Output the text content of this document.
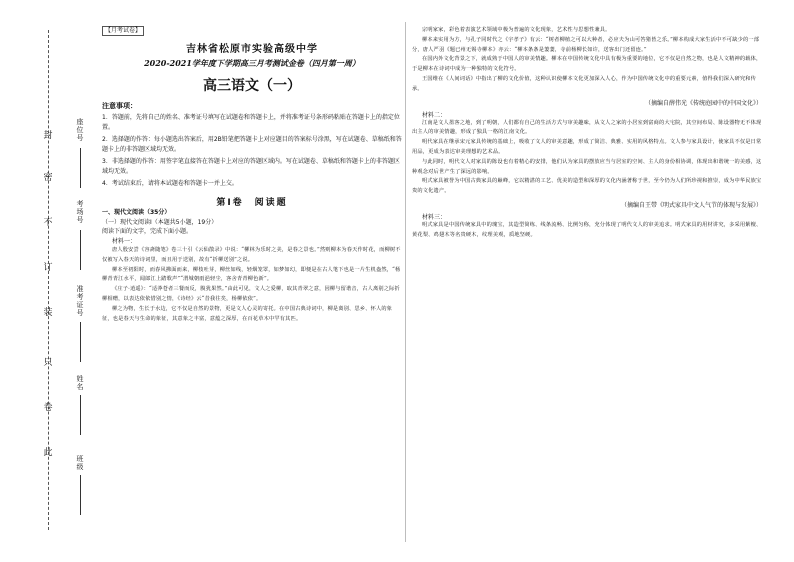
封
密
不
订
装
只
卷
此
座位号
考场号
准考证号
姓名
班级
【月考试卷】
吉林省松原市实验高级中学
2020-2021学年度下学期高三月考测试金卷（四月第一周）
高三语文（一）
注意事项：
1．答题前，先将自己的姓名、准考证号填写在试题卷和答题卡上，并将准考证号条形码粘贴在答题卡上的指定位置。
2．选择题的作答：每小题选出答案后，用2B铅笔把答题卡上对应题目的答案标号涂黑，写在试题卷、草稿纸和答题卡上的非答题区域均无效。
3．非选择题的作答：用签字笔直接答在答题卡上对应的答题区域内。写在试题卷、草稿纸和答题卡上的非答题区域均无效。
4．考试结束后，请将本试题卷和答题卡一并上交。
第Ⅰ卷　阅读题
一、现代文阅读（35分）
（一）现代文阅读Ⅰ（本题共5小题，19分）
阅读下面的文字，完成下面小题。
材料一：
唐人殷安尝《容斋随笔》卷三十引《云仙散录》中说：“柳林为乐时之美，是春之景也。”然则柳本为春天作时花，而柳树不仅被写入春天的诗词里，而且用于送别，故有“折柳送别”之说。
柳本至初阳时，而春风拂面而来，柳枝吐芽，柳丝如线，轻烟笼罩，如梦如幻，即便是在古人笔下也是一片生机盎然，“杨柳青青江水平，闻郎江上踏歌声”“渭城朝雨浥轻尘，客舍青青柳色新”。
《庄子·逍遥》：“适莽苍者三餐而反，腹犹果然。”由此可见，文人之爱柳，取其青翠之意，因柳与留谐音，古人离别之际折柳相赠，以表达依依惜别之情，《诗经》云“昔我往矣，杨柳依依”。
柳之为物，生长于水边，它不仅是自然的景物，更是文人心灵的寄托。在中国古典诗词中，柳是离别、思乡、怀人的象征，也是春天与生命的象征，其意象之丰富，意蕴之深厚，在百花草木中罕有其匹。
宗明家家，彩色着表演艺术领域中极为普遍的文化现象，艺术性与思想性兼具。
柳本来实用为方，与孔子同时代之《宇孝子》有云：“树者柳植之可以大种者，必应夫为山可答猪皆之乐。”柳本构成大家生活中不可缺少的一部分，唐人严羽《题已州无锡寺柳本》亦云：“柳本条条是萋萋，寺前杨柳长如许，送客出门还留连。”
在国内外文化背景之下，就成熟于中国人的审美情趣。柳本在中国传统文化中具有极为重要的地位，它不仅是自然之物，也是人文精神的载体，于是柳本在诗词中成为一种独特的文化符号。
王国维在《人间词话》中指出了柳的文化价值，这种认识使柳本文化更加深入人心，作为中国传统文化中的重要元素，值得我们深入研究和传承。
（摘编自薛伟光《传统庭园中的中国文化》）
材料二：
江南是文人墨客之地，到了明朝，人们都有自己的生活方式与审美趣味，从文人之家的小居室到富商的大宅院，其空间布局、陈设器物无不体现出主人的审美情趣，形成了独具一格的江南文化。
明代家具在继承宋元家具传统的基础上，吸收了文人的审美意趣，形成了简洁、典雅、实用的风格特点。文人参与家具设计，使家具不仅是日常用品，更成为表达审美理想的艺术品。
与此同时，明代文人对家具的陈设也有着精心的安排，他们认为家具的摆放应当与居室的空间、主人的身份相协调，体现出和谐统一的美感，这种观念对后世产生了深远的影响。
明式家具被誉为中国古典家具的巅峰，它以精湛的工艺、优美的造型和深厚的文化内涵著称于世，至今仍为人们所珍视和推崇，成为中华民族宝贵的文化遗产。
（摘编自王带《明式家具中文人气节的体现与发展》）
材料三：
明式家具是中国传统家具中的瑰宝，其造型简练、线条流畅、比例匀称，充分体现了明代文人的审美追求。明式家具的用材讲究，多采用紫檀、黄花梨、鸡翅木等名贵硬木，纹理美观，质地坚硬。
